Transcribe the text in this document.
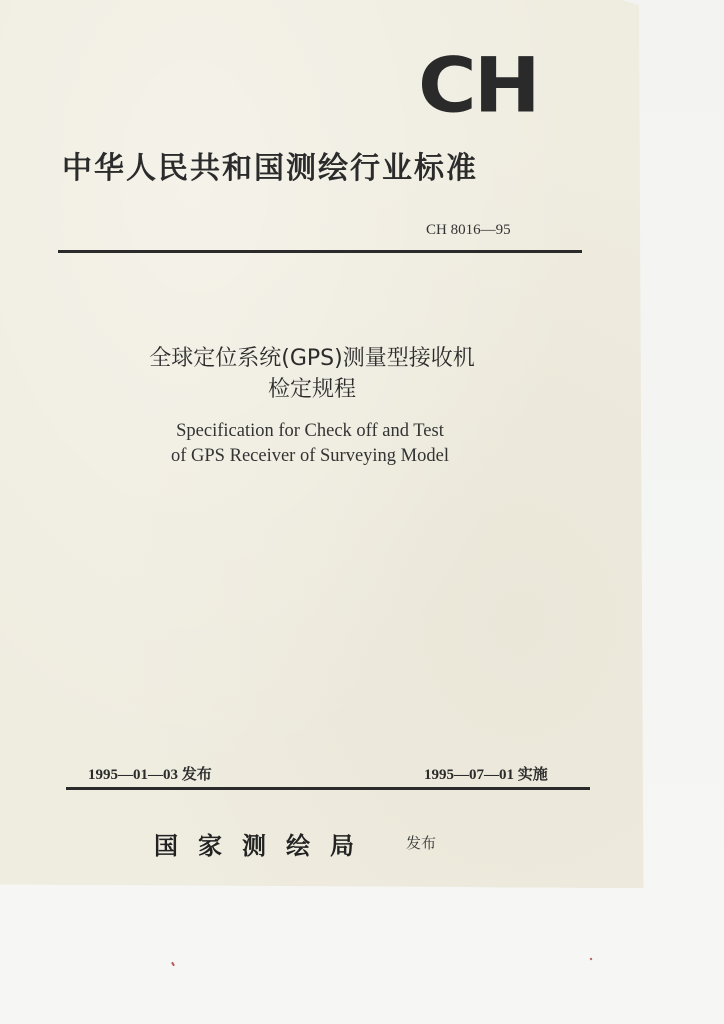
CH
中华人民共和国测绘行业标准
CH 8016—95
全球定位系统(GPS)测量型接收机
检定规程
Specification for Check off and Test
of GPS Receiver of Surveying Model
1995—01—03 发布	1995—07—01 实施
国家测绘局 发布
